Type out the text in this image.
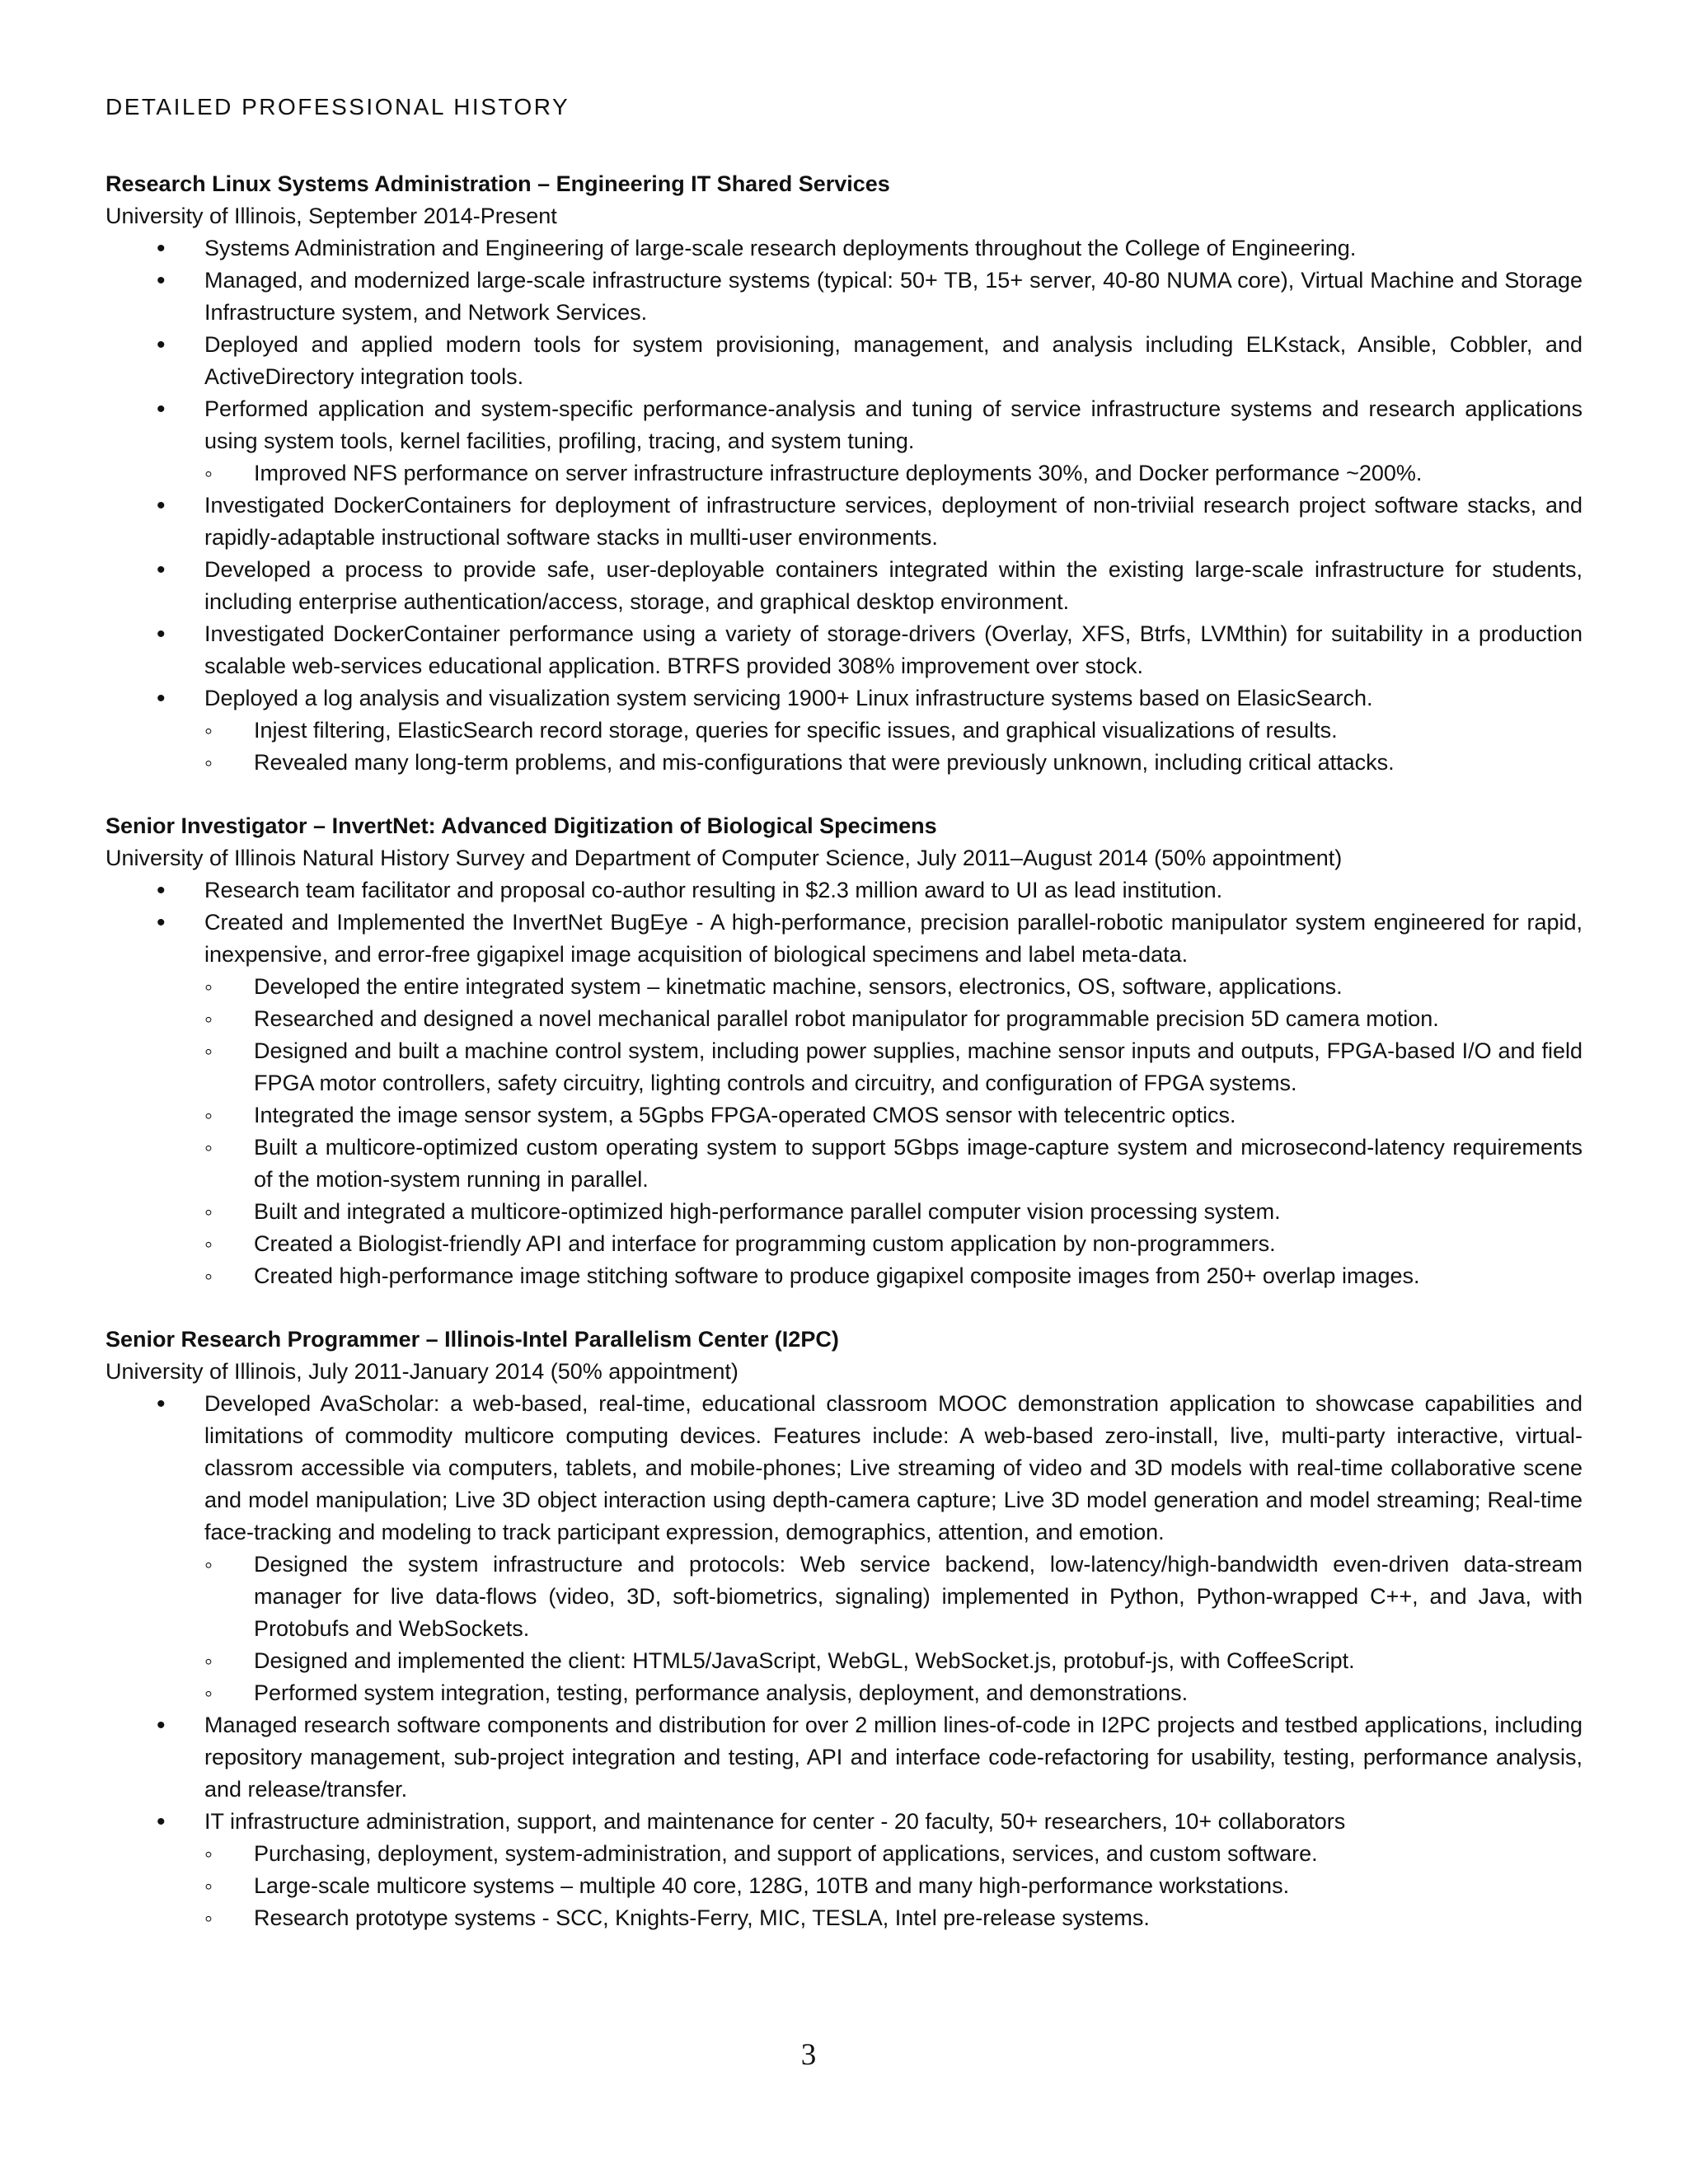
DETAILED PROFESSIONAL HISTORY
Research Linux Systems Administration – Engineering IT Shared Services
University of Illinois, September 2014-Present
• Systems Administration and Engineering of large-scale research deployments throughout the College of Engineering.
• Managed, and modernized large-scale infrastructure systems (typical: 50+ TB, 15+ server, 40-80 NUMA core), Virtual Machine and Storage Infrastructure system, and Network Services.
• Deployed and applied modern tools for system provisioning, management, and analysis including ELKstack, Ansible, Cobbler, and ActiveDirectory integration tools.
• Performed application and system-specific performance-analysis and tuning of service infrastructure systems and research applications using system tools, kernel facilities, profiling, tracing, and system tuning.
◦ Improved NFS performance on server infrastructure infrastructure deployments 30%, and Docker performance ~200%.
• Investigated DockerContainers for deployment of infrastructure services, deployment of non-triviial research project software stacks, and rapidly-adaptable instructional software stacks in mullti-user environments.
• Developed a process to provide safe, user-deployable containers integrated within the existing large-scale infrastructure for students, including enterprise authentication/access, storage, and graphical desktop environment.
• Investigated DockerContainer performance using a variety of storage-drivers (Overlay, XFS, Btrfs, LVMthin) for suitability in a production scalable web-services educational application. BTRFS provided 308% improvement over stock.
• Deployed a log analysis and visualization system servicing 1900+ Linux infrastructure systems based on ElasicSearch.
◦ Injest filtering, ElasticSearch record storage, queries for specific issues, and graphical visualizations of results.
◦ Revealed many long-term problems, and mis-configurations that were previously unknown, including critical attacks.
Senior Investigator – InvertNet: Advanced Digitization of Biological Specimens
University of Illinois Natural History Survey and Department of Computer Science, July 2011–August 2014 (50% appointment)
• Research team facilitator and proposal co-author resulting in $2.3 million award to UI as lead institution.
• Created and Implemented the InvertNet BugEye - A high-performance, precision parallel-robotic manipulator system engineered for rapid, inexpensive, and error-free gigapixel image acquisition of biological specimens and label meta-data.
◦ Developed the entire integrated system – kinetmatic machine, sensors, electronics, OS, software, applications.
◦ Researched and designed a novel mechanical parallel robot manipulator for programmable precision 5D camera motion.
◦ Designed and built a machine control system, including power supplies, machine sensor inputs and outputs, FPGA-based I/O and field FPGA motor controllers, safety circuitry, lighting controls and circuitry, and configuration of FPGA systems.
◦ Integrated the image sensor system, a 5Gpbs FPGA-operated CMOS sensor with telecentric optics.
◦ Built a multicore-optimized custom operating system to support 5Gbps image-capture system and microsecond-latency requirements of the motion-system running in parallel.
◦ Built and integrated a multicore-optimized high-performance parallel computer vision processing system.
◦ Created a Biologist-friendly API and interface for programming custom application by non-programmers.
◦ Created high-performance image stitching software to produce gigapixel composite images from 250+ overlap images.
Senior Research Programmer – Illinois-Intel Parallelism Center (I2PC)
University of Illinois, July 2011-January 2014 (50% appointment)
• Developed AvaScholar: a web-based, real-time, educational classroom MOOC demonstration application to showcase capabilities and limitations of commodity multicore computing devices. Features include: A web-based zero-install, live, multi-party interactive, virtual-classrom accessible via computers, tablets, and mobile-phones; Live streaming of video and 3D models with real-time collaborative scene and model manipulation; Live 3D object interaction using depth-camera capture; Live 3D model generation and model streaming; Real-time face-tracking and modeling to track participant expression, demographics, attention, and emotion.
◦ Designed the system infrastructure and protocols: Web service backend, low-latency/high-bandwidth even-driven data-stream manager for live data-flows (video, 3D, soft-biometrics, signaling) implemented in Python, Python-wrapped C++, and Java, with Protobufs and WebSockets.
◦ Designed and implemented the client: HTML5/JavaScript, WebGL, WebSocket.js, protobuf-js, with CoffeeScript.
◦ Performed system integration, testing, performance analysis, deployment, and demonstrations.
• Managed research software components and distribution for over 2 million lines-of-code in I2PC projects and testbed applications, including repository management, sub-project integration and testing, API and interface code-refactoring for usability, testing, performance analysis, and release/transfer.
• IT infrastructure administration, support, and maintenance for center - 20 faculty, 50+ researchers, 10+ collaborators
◦ Purchasing, deployment, system-administration, and support of applications, services, and custom software.
◦ Large-scale multicore systems – multiple 40 core, 128G, 10TB and many high-performance workstations.
◦ Research prototype systems - SCC, Knights-Ferry, MIC, TESLA, Intel pre-release systems.
3
